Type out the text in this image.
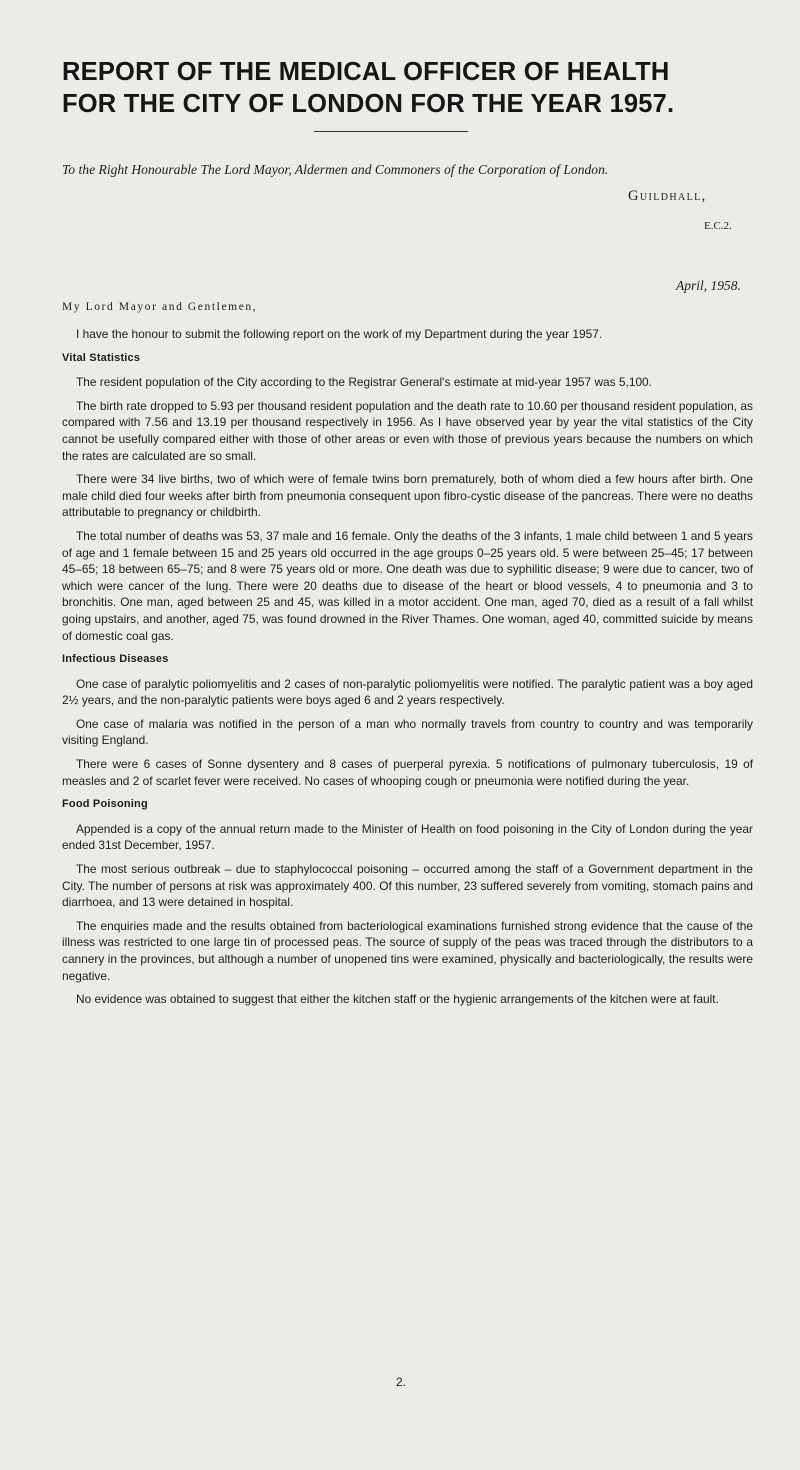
REPORT OF THE MEDICAL OFFICER OF HEALTH
FOR THE CITY OF LONDON FOR THE YEAR 1957.

To the Right Honourable The Lord Mayor, Aldermen and Commoners of the Corporation of London.

Guildhall,

E.C.2.

April, 1958.

My Lord Mayor and Gentlemen,

I have the honour to submit the following report on the work of my Department during the year 1957.

Vital Statistics

The resident population of the City according to the Registrar General's estimate at mid-year 1957 was 5,100.

The birth rate dropped to 5.93 per thousand resident population and the death rate to 10.60 per thousand resident population, as compared with 7.56 and 13.19 per thousand respectively in 1956. As I have observed year by year the vital statistics of the City cannot be usefully compared either with those of other areas or even with those of previous years because the numbers on which the rates are calculated are so small.

There were 34 live births, two of which were of female twins born prematurely, both of whom died a few hours after birth. One male child died four weeks after birth from pneumonia consequent upon fibro-cystic disease of the pancreas. There were no deaths attributable to pregnancy or childbirth.

The total number of deaths was 53, 37 male and 16 female. Only the deaths of the 3 infants, 1 male child between 1 and 5 years of age and 1 female between 15 and 25 years old occurred in the age groups 0–25 years old. 5 were between 25–45; 17 between 45–65; 18 between 65–75; and 8 were 75 years old or more. One death was due to syphilitic disease; 9 were due to cancer, two of which were cancer of the lung. There were 20 deaths due to disease of the heart or blood vessels, 4 to pneumonia and 3 to bronchitis. One man, aged between 25 and 45, was killed in a motor accident. One man, aged 70, died as a result of a fall whilst going upstairs, and another, aged 75, was found drowned in the River Thames. One woman, aged 40, committed suicide by means of domestic coal gas.

Infectious Diseases

One case of paralytic poliomyelitis and 2 cases of non-paralytic poliomyelitis were notified. The paralytic patient was a boy aged 2½ years, and the non-paralytic patients were boys aged 6 and 2 years respectively.

One case of malaria was notified in the person of a man who normally travels from country to country and was temporarily visiting England.

There were 6 cases of Sonne dysentery and 8 cases of puerperal pyrexia. 5 notifications of pulmonary tuberculosis, 19 of measles and 2 of scarlet fever were received. No cases of whooping cough or pneumonia were notified during the year.

Food Poisoning

Appended is a copy of the annual return made to the Minister of Health on food poisoning in the City of London during the year ended 31st December, 1957.

The most serious outbreak – due to staphylococcal poisoning – occurred among the staff of a Government department in the City. The number of persons at risk was approximately 400. Of this number, 23 suffered severely from vomiting, stomach pains and diarrhoea, and 13 were detained in hospital.

The enquiries made and the results obtained from bacteriological examinations furnished strong evidence that the cause of the illness was restricted to one large tin of processed peas. The source of supply of the peas was traced through the distributors to a cannery in the provinces, but although a number of unopened tins were examined, physically and bacteriologically, the results were negative.

No evidence was obtained to suggest that either the kitchen staff or the hygienic arrangements of the kitchen were at fault.

2.
